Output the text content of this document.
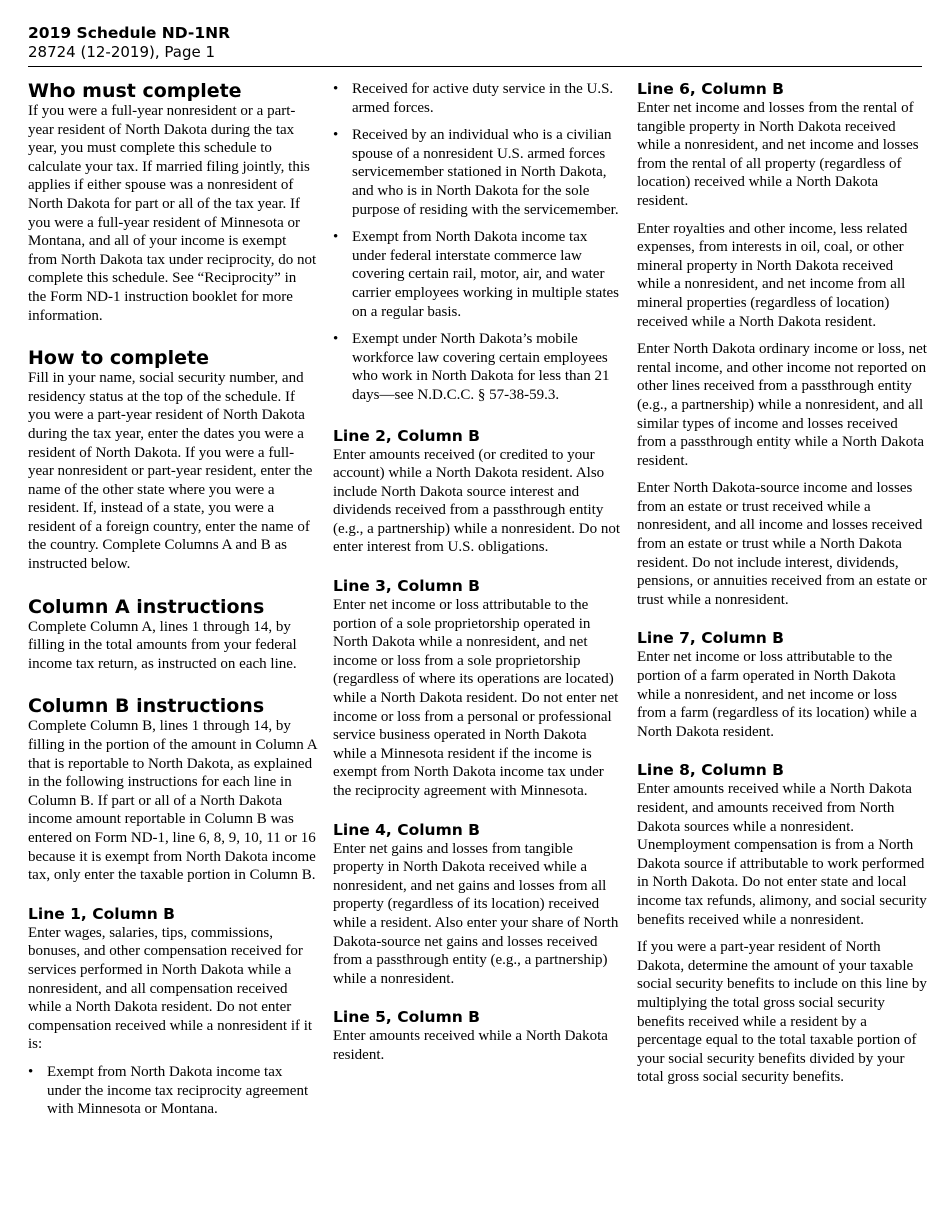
2019 Schedule ND-1NR
28724 (12-2019), Page 1
Who must complete

If you were a full-year nonresident or a part-year resident of North Dakota during the tax year, you must complete this schedule to calculate your tax. If married filing jointly, this applies if either spouse was a nonresident of North Dakota for part or all of the tax year. If you were a full-year resident of Minnesota or Montana, and all of your income is exempt from North Dakota tax under reciprocity, do not complete this schedule. See “Reciprocity” in the Form ND-1 instruction booklet for more information.

How to complete

Fill in your name, social security number, and residency status at the top of the schedule. If you were a part-year resident of North Dakota during the tax year, enter the dates you were a resident of North Dakota. If you were a full-year nonresident or part-year resident, enter the name of the other state where you were a resident. If, instead of a state, you were a resident of a foreign country, enter the name of the country. Complete Columns A and B as instructed below.

Column A instructions

Complete Column A, lines 1 through 14, by filling in the total amounts from your federal income tax return, as instructed on each line.

Column B instructions

Complete Column B, lines 1 through 14, by filling in the portion of the amount in Column A that is reportable to North Dakota, as explained in the following instructions for each line in Column B. If part or all of a North Dakota income amount reportable in Column B was entered on Form ND-1, line 6, 8, 9, 10, 11 or 16 because it is exempt from North Dakota income tax, only enter the taxable portion in Column B.

Line 1, Column B

Enter wages, salaries, tips, commissions, bonuses, and other compensation received for services performed in North Dakota while a nonresident, and all compensation received while a North Dakota resident. Do not enter compensation received while a nonresident if it is:

• Exempt from North Dakota income tax under the income tax reciprocity agreement with Minnesota or Montana.
• Received for active duty service in the U.S. armed forces.
• Received by an individual who is a civilian spouse of a nonresident U.S. armed forces servicemember stationed in North Dakota, and who is in North Dakota for the sole purpose of residing with the servicemember.
• Exempt from North Dakota income tax under federal interstate commerce law covering certain rail, motor, air, and water carrier employees working in multiple states on a regular basis.
• Exempt under North Dakota’s mobile workforce law covering certain employees who work in North Dakota for less than 21 days—see N.D.C.C. § 57-38-59.3.
Line 2, Column B

Enter amounts received (or credited to your account) while a North Dakota resident. Also include North Dakota source interest and dividends received from a passthrough entity (e.g., a partnership) while a nonresident. Do not enter interest from U.S. obligations.

Line 3, Column B

Enter net income or loss attributable to the portion of a sole proprietorship operated in North Dakota while a nonresident, and net income or loss from a sole proprietorship (regardless of where its operations are located) while a North Dakota resident. Do not enter net income or loss from a personal or professional service business operated in North Dakota while a Minnesota resident if the income is exempt from North Dakota income tax under the reciprocity agreement with Minnesota.

Line 4, Column B

Enter net gains and losses from tangible property in North Dakota received while a nonresident, and net gains and losses from all property (regardless of its location) received while a resident. Also enter your share of North Dakota-source net gains and losses received from a passthrough entity (e.g., a partnership) while a nonresident.

Line 5, Column B

Enter amounts received while a North Dakota resident.

Line 6, Column B

Enter net income and losses from the rental of tangible property in North Dakota received while a nonresident, and net income and losses from the rental of all property (regardless of location) received while a North Dakota resident.

Enter royalties and other income, less related expenses, from interests in oil, coal, or other mineral property in North Dakota received while a nonresident, and net income from all mineral properties (regardless of location) received while a North Dakota resident.

Enter North Dakota ordinary income or loss, net rental income, and other income not reported on other lines received from a passthrough entity (e.g., a partnership) while a nonresident, and all similar types of income and losses received from a passthrough entity while a North Dakota resident.

Enter North Dakota-source income and losses from an estate or trust received while a nonresident, and all income and losses received from an estate or trust while a North Dakota resident. Do not include interest, dividends, pensions, or annuities received from an estate or trust while a nonresident.

Line 7, Column B

Enter net income or loss attributable to the portion of a farm operated in North Dakota while a nonresident, and net income or loss from a farm (regardless of its location) while a North Dakota resident.

Line 8, Column B

Enter amounts received while a North Dakota resident, and amounts received from North Dakota sources while a nonresident. Unemployment compensation is from a North Dakota source if attributable to work performed in North Dakota. Do not enter state and local income tax refunds, alimony, and social security benefits received while a nonresident.

If you were a part-year resident of North Dakota, determine the amount of your taxable social security benefits to include on this line by multiplying the total gross social security benefits received while a resident by a percentage equal to the total taxable portion of your social security benefits divided by your total gross social security benefits.
